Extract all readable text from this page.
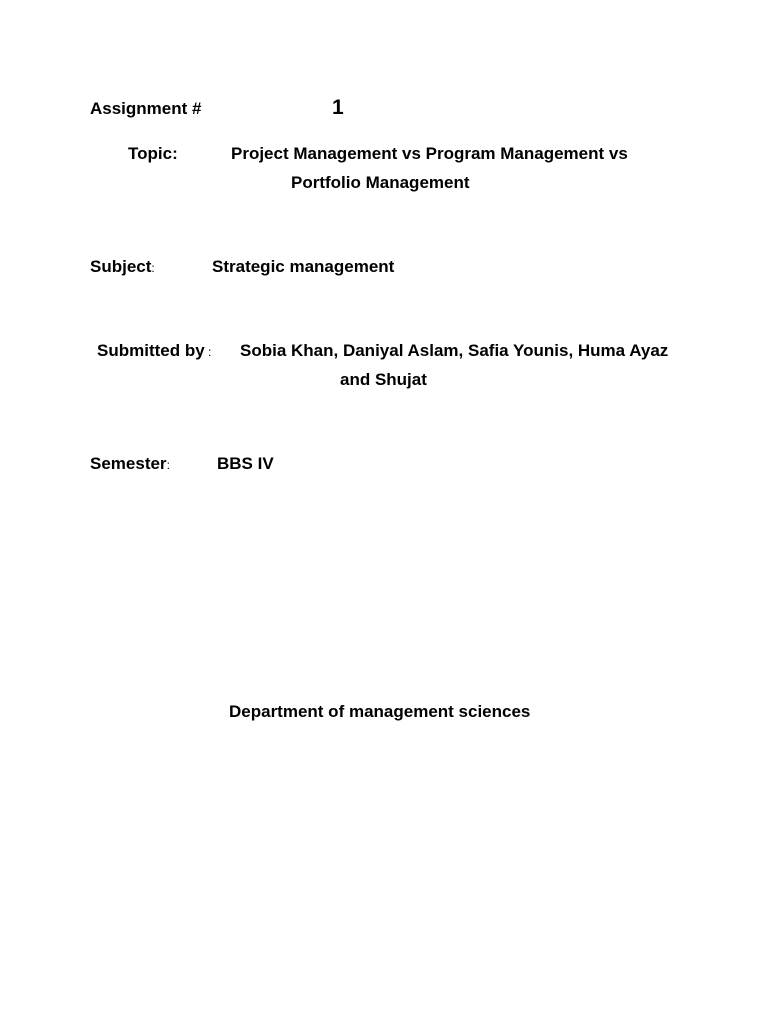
Assignment #	1
Topic:	Project Management vs Program Management vs
Portfolio Management
Subject:	Strategic management
Submitted by : Sobia Khan, Daniyal Aslam, Safia Younis, Huma Ayaz
and Shujat
Semester:	BBS IV
Department of management sciences
